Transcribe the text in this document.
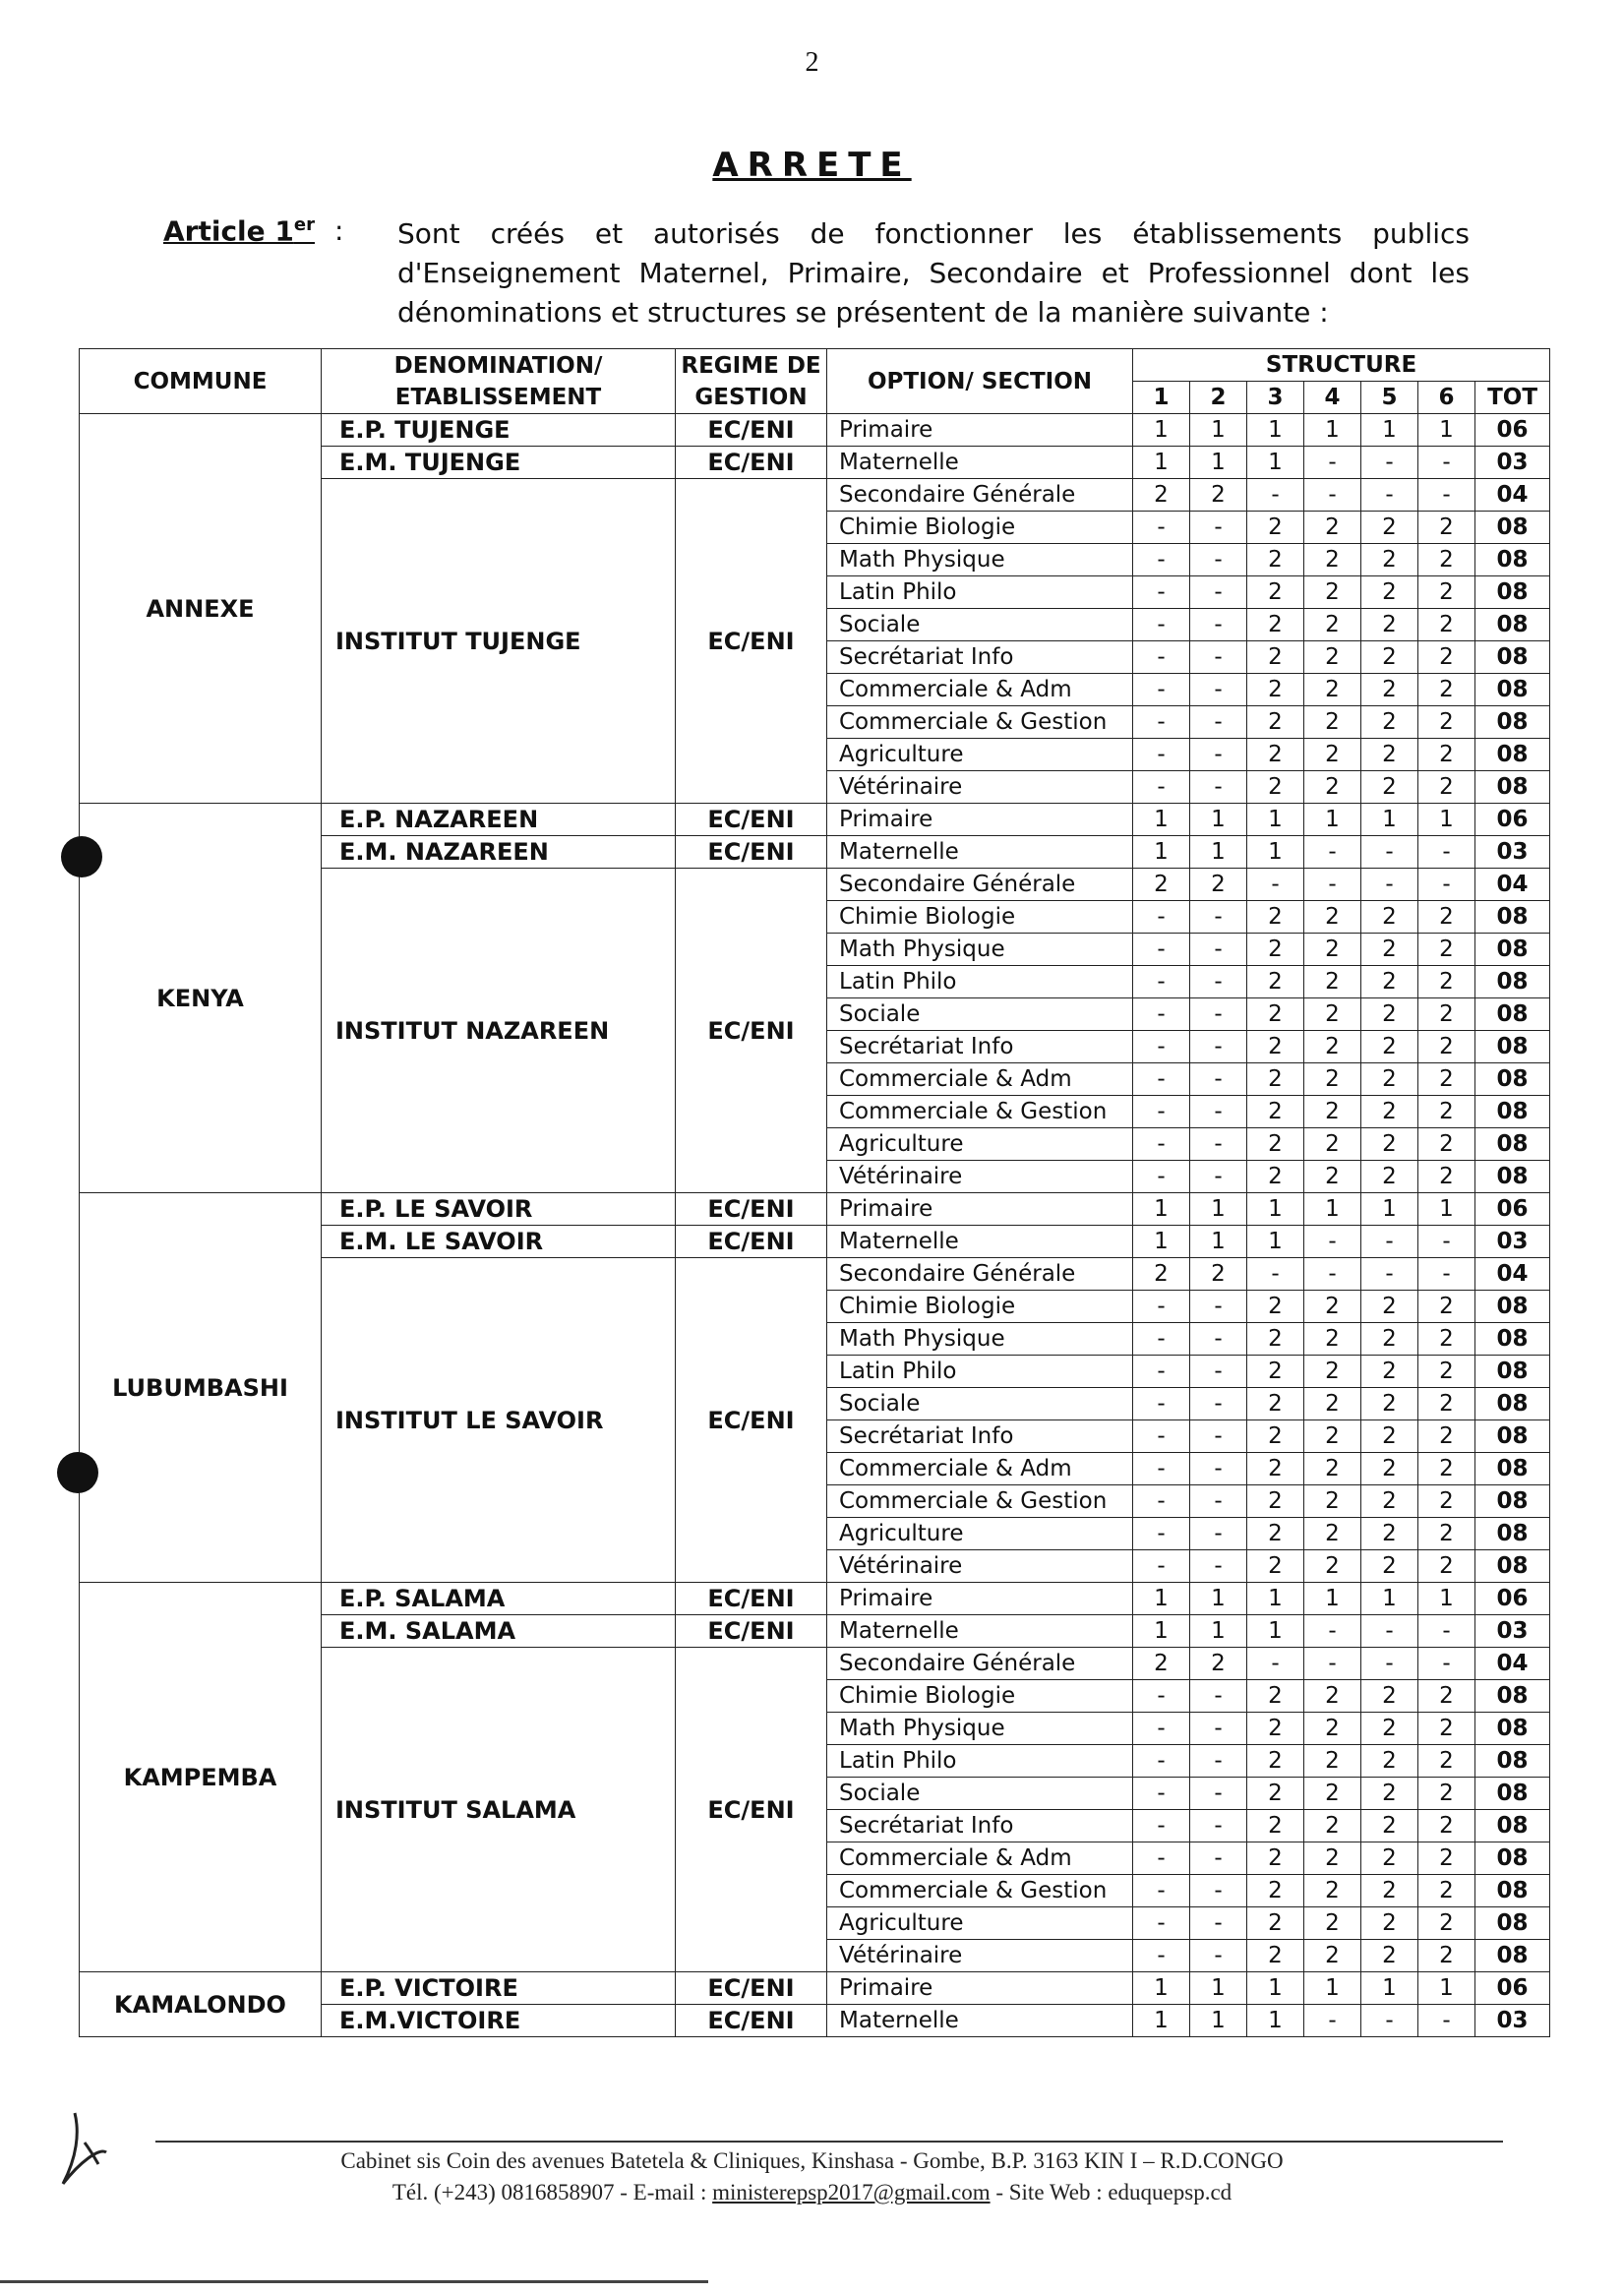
2
ARRETE
Article 1er : Sont créés et autorisés de fonctionner les établissements publics d'Enseignement Maternel, Primaire, Secondaire et Professionnel dont les dénominations et structures se présentent de la manière suivante :
COMMUNE	DENOMINATION/ ETABLISSEMENT	REGIME DE GESTION	OPTION/ SECTION	STRUCTURE						
				1	2	3	4	5	6	TOT
ANNEXE	E.P. TUJENGE	EC/ENI	Primaire	1	1	1	1	1	1	06
	E.M. TUJENGE	EC/ENI	Maternelle	1	1	1	-	-	-	03
	INSTITUT TUJENGE	EC/ENI	Secondaire Générale	2	2	-	-	-	-	04
			Chimie Biologie	-	-	2	2	2	2	08
			Math Physique	-	-	2	2	2	2	08
			Latin Philo	-	-	2	2	2	2	08
			Sociale	-	-	2	2	2	2	08
			Secrétariat Info	-	-	2	2	2	2	08
			Commerciale & Adm	-	-	2	2	2	2	08
			Commerciale & Gestion	-	-	2	2	2	2	08
			Agriculture	-	-	2	2	2	2	08
			Vétérinaire	-	-	2	2	2	2	08
KENYA	E.P. NAZAREEN	EC/ENI	Primaire	1	1	1	1	1	1	06
	E.M. NAZAREEN	EC/ENI	Maternelle	1	1	1	-	-	-	03
	INSTITUT NAZAREEN	EC/ENI	Secondaire Générale	2	2	-	-	-	-	04
			Chimie Biologie	-	-	2	2	2	2	08
			Math Physique	-	-	2	2	2	2	08
			Latin Philo	-	-	2	2	2	2	08
			Sociale	-	-	2	2	2	2	08
			Secrétariat Info	-	-	2	2	2	2	08
			Commerciale & Adm	-	-	2	2	2	2	08
			Commerciale & Gestion	-	-	2	2	2	2	08
			Agriculture	-	-	2	2	2	2	08
			Vétérinaire	-	-	2	2	2	2	08
LUBUMBASHI	E.P. LE SAVOIR	EC/ENI	Primaire	1	1	1	1	1	1	06
	E.M. LE SAVOIR	EC/ENI	Maternelle	1	1	1	-	-	-	03
	INSTITUT LE SAVOIR	EC/ENI	Secondaire Générale	2	2	-	-	-	-	04
			Chimie Biologie	-	-	2	2	2	2	08
			Math Physique	-	-	2	2	2	2	08
			Latin Philo	-	-	2	2	2	2	08
			Sociale	-	-	2	2	2	2	08
			Secrétariat Info	-	-	2	2	2	2	08
			Commerciale & Adm	-	-	2	2	2	2	08
			Commerciale & Gestion	-	-	2	2	2	2	08
			Agriculture	-	-	2	2	2	2	08
			Vétérinaire	-	-	2	2	2	2	08
KAMPEMBA	E.P. SALAMA	EC/ENI	Primaire	1	1	1	1	1	1	06
	E.M. SALAMA	EC/ENI	Maternelle	1	1	1	-	-	-	03
	INSTITUT SALAMA	EC/ENI	Secondaire Générale	2	2	-	-	-	-	04
			Chimie Biologie	-	-	2	2	2	2	08
			Math Physique	-	-	2	2	2	2	08
			Latin Philo	-	-	2	2	2	2	08
			Sociale	-	-	2	2	2	2	08
			Secrétariat Info	-	-	2	2	2	2	08
			Commerciale & Adm	-	-	2	2	2	2	08
			Commerciale & Gestion	-	-	2	2	2	2	08
			Agriculture	-	-	2	2	2	2	08
			Vétérinaire	-	-	2	2	2	2	08
KAMALONDO	E.P. VICTOIRE	EC/ENI	Primaire	1	1	1	1	1	1	06
	E.M.VICTOIRE	EC/ENI	Maternelle	1	1	1	-	-	-	03
Cabinet sis Coin des avenues Batetela & Cliniques, Kinshasa - Gombe, B.P. 3163 KIN I – R.D.CONGO
Tél. (+243) 0816858907 - E-mail : ministerepsp2017@gmail.com - Site Web : eduquepsp.cd
